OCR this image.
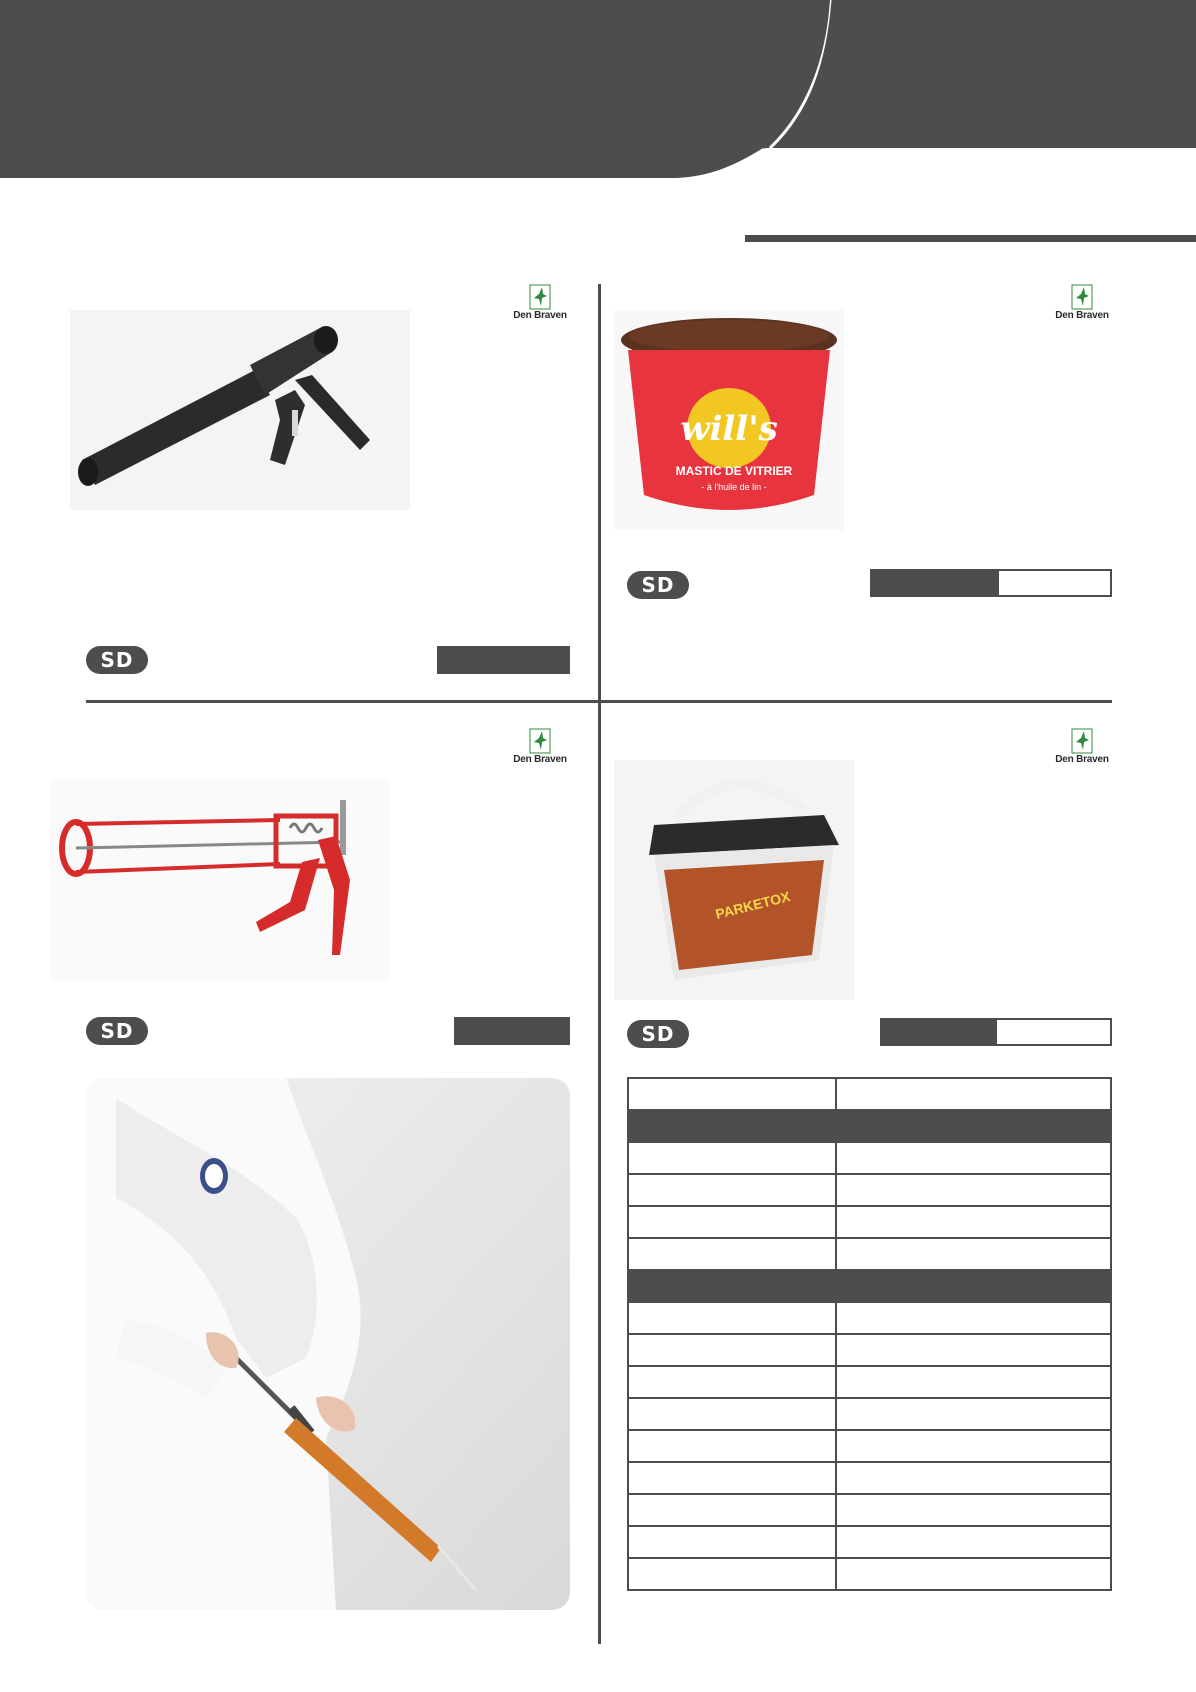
Den Braven
SD
Den Braven
will's
MASTIC DE VITRIER
- à l'huile de lin -
SD
Den Braven
SD
Den Braven
PARKETOX
SD
